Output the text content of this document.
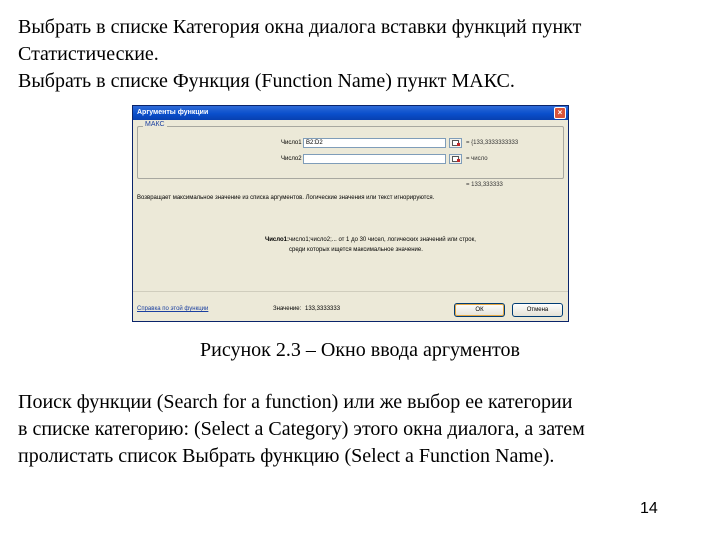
Выбрать в списке Категория окна диалога вставки функций пункт
Статистические.
Выбрать в списке Функция (Function Name) пункт МАКС.
Аргументы функции	×
МАКС
Число1 B2:D2	= {133,3333333333
Число2	= число
= 133,333333
Возвращает максимальное значение из списка аргументов. Логические значения или текст игнорируются.
Число1: число1;число2;... от 1 до 30 чисел, логических значений или строк,
среди которых ищется максимальное значение.
Справка по этой функции	Значение: 133,3333333	ОК	Отмена
Рисунок 2.3 – Окно ввода аргументов
Поиск функции (Search for a function) или же выбор ее категории
в списке категорию: (Select a Category) этого окна диалога, а затем
пролистать список Выбрать функцию (Select a Function Name).
14
